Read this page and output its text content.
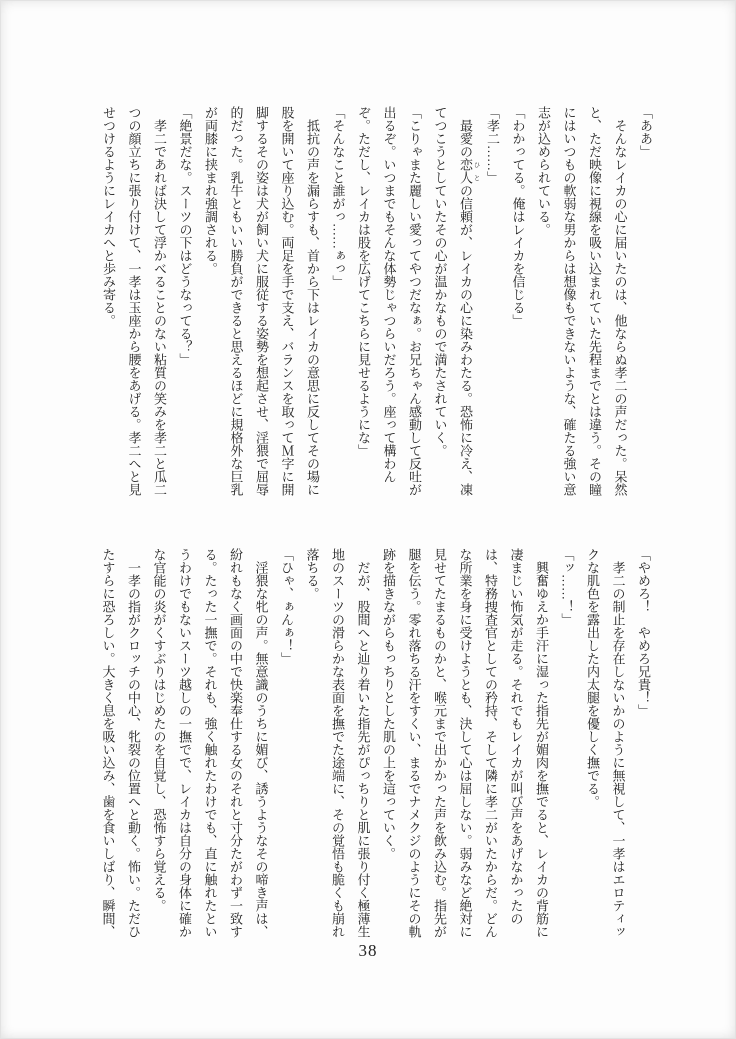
「ああ」

　そんなレイカの心に届いたのは、他ならぬ孝二の声だった。呆然と、ただ映像に視線を吸い込まれていた先程までとは違う。その瞳にはいつもの軟弱な男からは想像もできないような、確たる強い意志が込められている。

「わかってる。俺はレイカを信じる」

「孝二……」

　最愛の恋人 ひとの信頼が、レイカの心に染みわたる。恐怖に冷え、凍てつこうとしていたその心が温かなもので満たされていく。

「こりゃまた麗しい愛ってやつだなぁ。お兄ちゃん感動して反吐が出るぞ。いつまでもそんな体勢じゃつらいだろう。座って構わんぞ。ただし、レイカは股を広げてこちらに見せるようにな」

「そんなこと誰がっ……ぁっ」

　抵抗の声を漏らすも、首から下はレイカの意思に反してその場に股を開いて座り込む。両足を手で支え、バランスを取ってＭ字に開脚するその姿は犬が飼い犬に服従する姿勢を想起させ、淫猥で屈辱的だった。乳牛ともいい勝負ができると思えるほどに規格外な巨乳が両膝に挟まれ強調される。

「絶景だな。スーツの下はどうなってる？」

　孝二であれば決して浮かべることのない粘質の笑みを孝二と瓜二つの顔立ちに張り付けて、一孝は玉座から腰をあげる。孝二へと見せつけるようにレイカへと歩み寄る。

「やめろ！　やめろ兄貴！」

　孝二の制止を存在しないかのように無視して、一孝はエロティックな肌色を露出した内太腿を優しく撫でる。

「ッ……！」

　興奮ゆえか手汗に湿った指先が媚肉を撫でると、レイカの背筋に凄まじい怖気が走る。それでもレイカが叫び声をあげなかったのは、特務捜査官としての矜持、そして隣に孝二がいたからだ。どんな所業を身に受けようとも、決して心は屈しない。弱みなど絶対に見せてたまるものかと、喉元まで出かかった声を飲み込む。指先が腿を伝う。零れ落ちる汗をすくい、まるでナメクジのようにその軌跡を描きながらもっちりとした肌の上を這っていく。

　だが、股間へと辿り着いた指先がぴっちりと肌に張り付く極薄生地のスーツの滑らかな表面を撫でた途端に、その覚悟も脆くも崩れ落ちる。

「ひゃ、ぁんぁ！」

　淫猥な牝の声。無意識のうちに媚び、誘うようなその啼き声は、紛れもなく画面の中で快楽奉仕する女のそれと寸分たがわず一致する。たった一撫で。それも、強く触れたわけでも、直に触れたというわけでもないスーツ越しの一撫でで、レイカは自分の身体に確かな官能の炎がくすぶりはじめたのを自覚し、恐怖すら覚える。

　一孝の指がクロッチの中心、牝裂の位置へと動く。怖い。ただひたすらに恐ろしい。大きく息を吸い込み、歯を食いしばり、瞬間、

38
